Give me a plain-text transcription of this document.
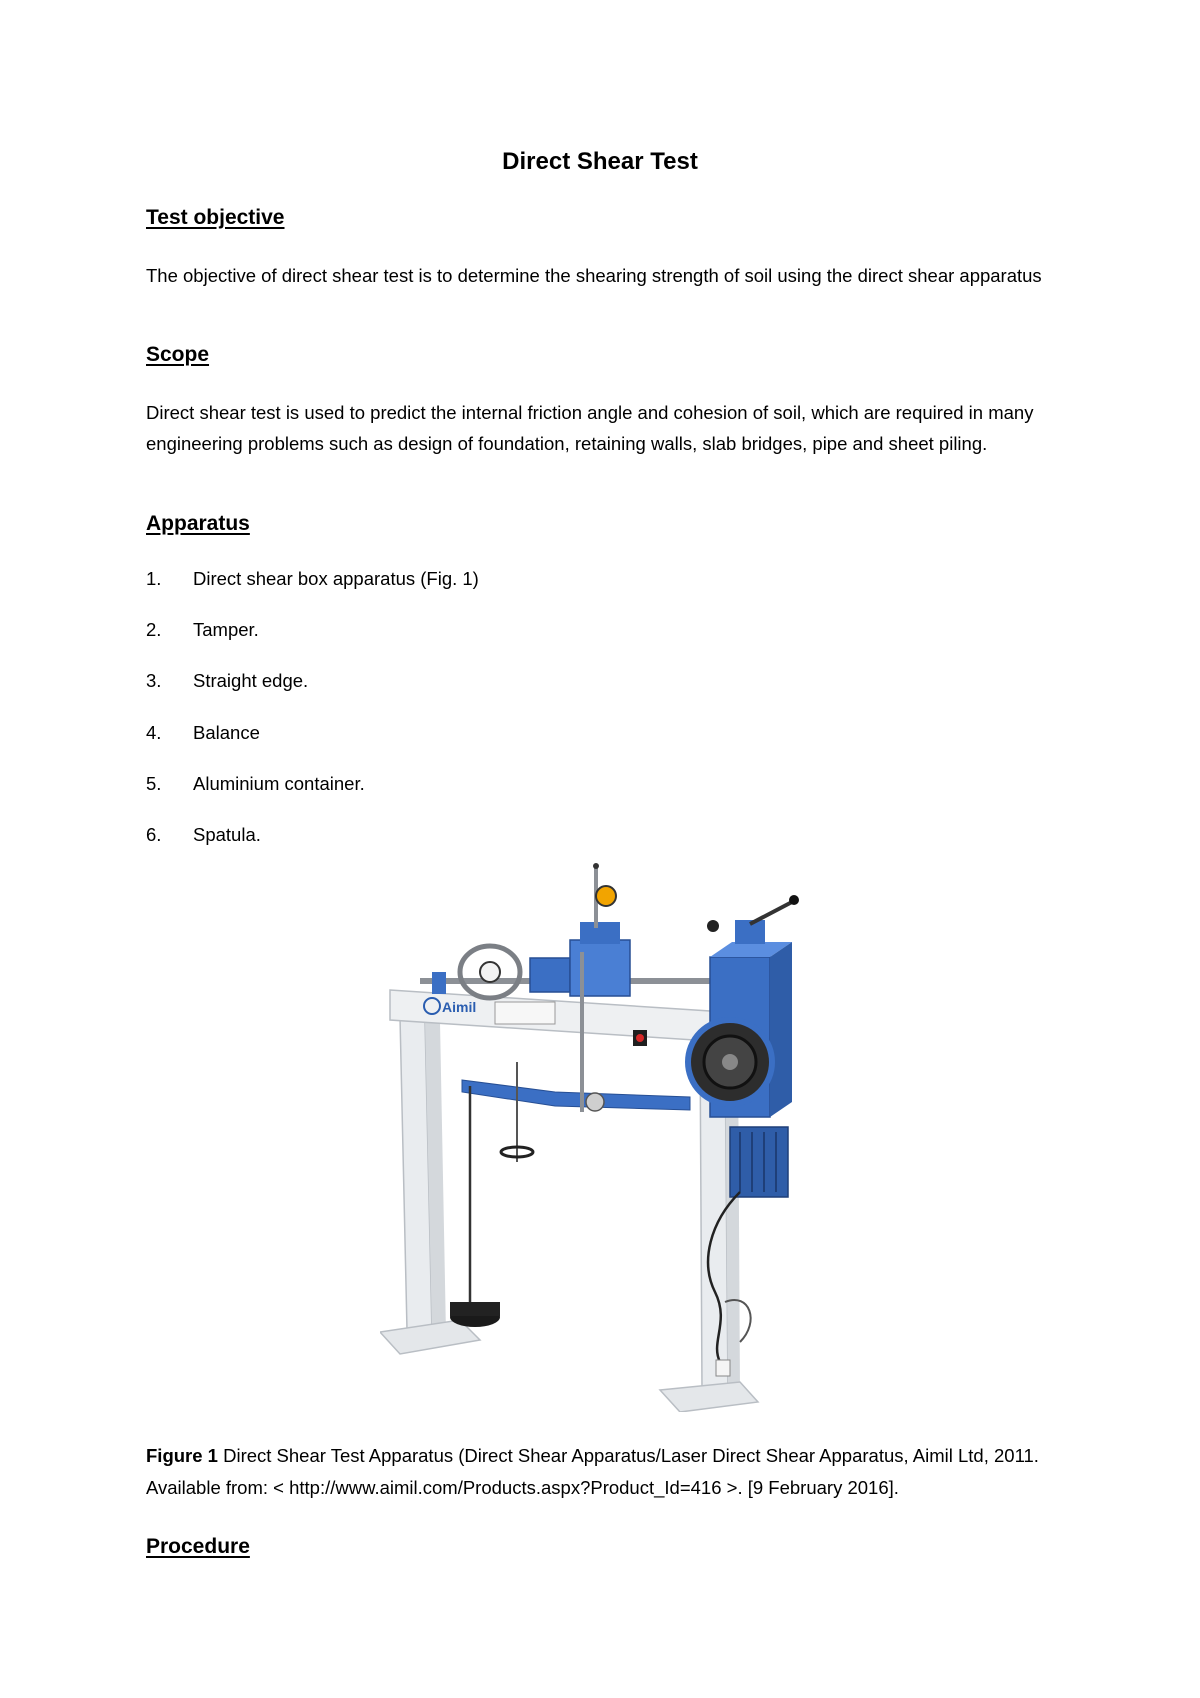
Direct Shear Test
Test objective
The objective of direct shear test is to determine the shearing strength of soil using the direct shear apparatus
Scope
Direct shear test is used to predict the internal friction angle and cohesion of soil, which are required in many engineering problems such as design of foundation, retaining walls, slab bridges, pipe and sheet piling.
Apparatus
1.	Direct shear box apparatus (Fig. 1)
2.	Tamper.
3.	Straight edge.
4.	Balance
5.	Aluminium container.
6.	Spatula.
Aimil
Figure 1 Direct Shear Test Apparatus (Direct Shear Apparatus/Laser Direct Shear Apparatus, Aimil Ltd, 2011. Available from: < http://www.aimil.com/Products.aspx?Product_Id=416 >. [9 February 2016].
Procedure
